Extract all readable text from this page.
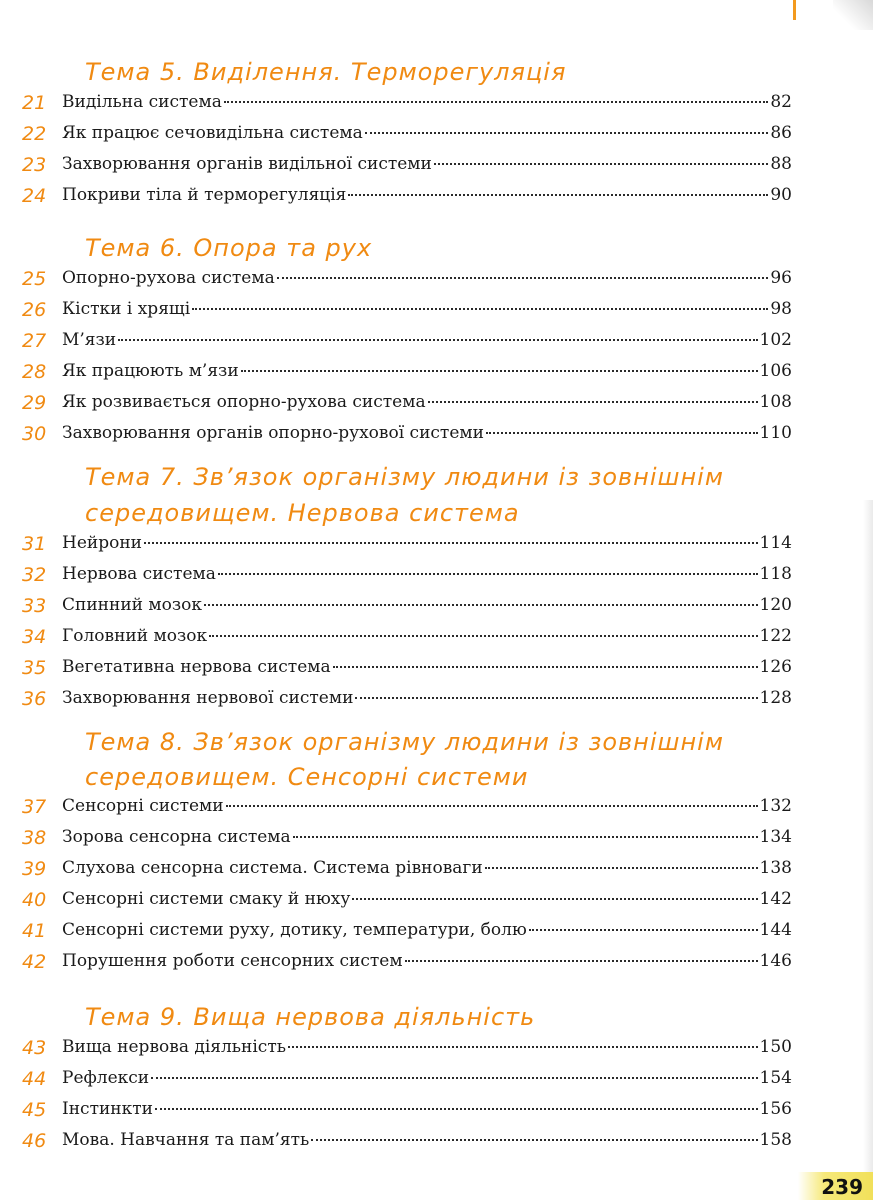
Тема 5. Виділення. Терморегуляція
21 Видільна система	82
22 Як працює сечовидільна система	86
23 Захворювання органів видільної системи	88
24 Покриви тіла й терморегуляція	90
Тема 6. Опора та рух
25 Опорно-рухова система	96
26 Кістки і хрящі	98
27 М’язи	102
28 Як працюють м’язи	106
29 Як розвивається опорно-рухова система	108
30 Захворювання органів опорно-рухової системи	110
Тема 7. Зв’язок організму людини із зовнішнім
середовищем. Нервова система
31 Нейрони	114
32 Нервова система	118
33 Спинний мозок	120
34 Головний мозок	122
35 Вегетативна нервова система	126
36 Захворювання нервової системи	128
Тема 8. Зв’язок організму людини із зовнішнім
середовищем. Сенсорні системи
37 Сенсорні системи	132
38 Зорова сенсорна система	134
39 Слухова сенсорна система. Система рівноваги	138
40 Сенсорні системи смаку й нюху	142
41 Сенсорні системи руху, дотику, температури, болю	144
42 Порушення роботи сенсорних систем	146
Тема 9. Вища нервова діяльність
43 Вища нервова діяльність	150
44 Рефлекси	154
45 Інстинкти	156
46 Мова. Навчання та пам’ять	158
239
